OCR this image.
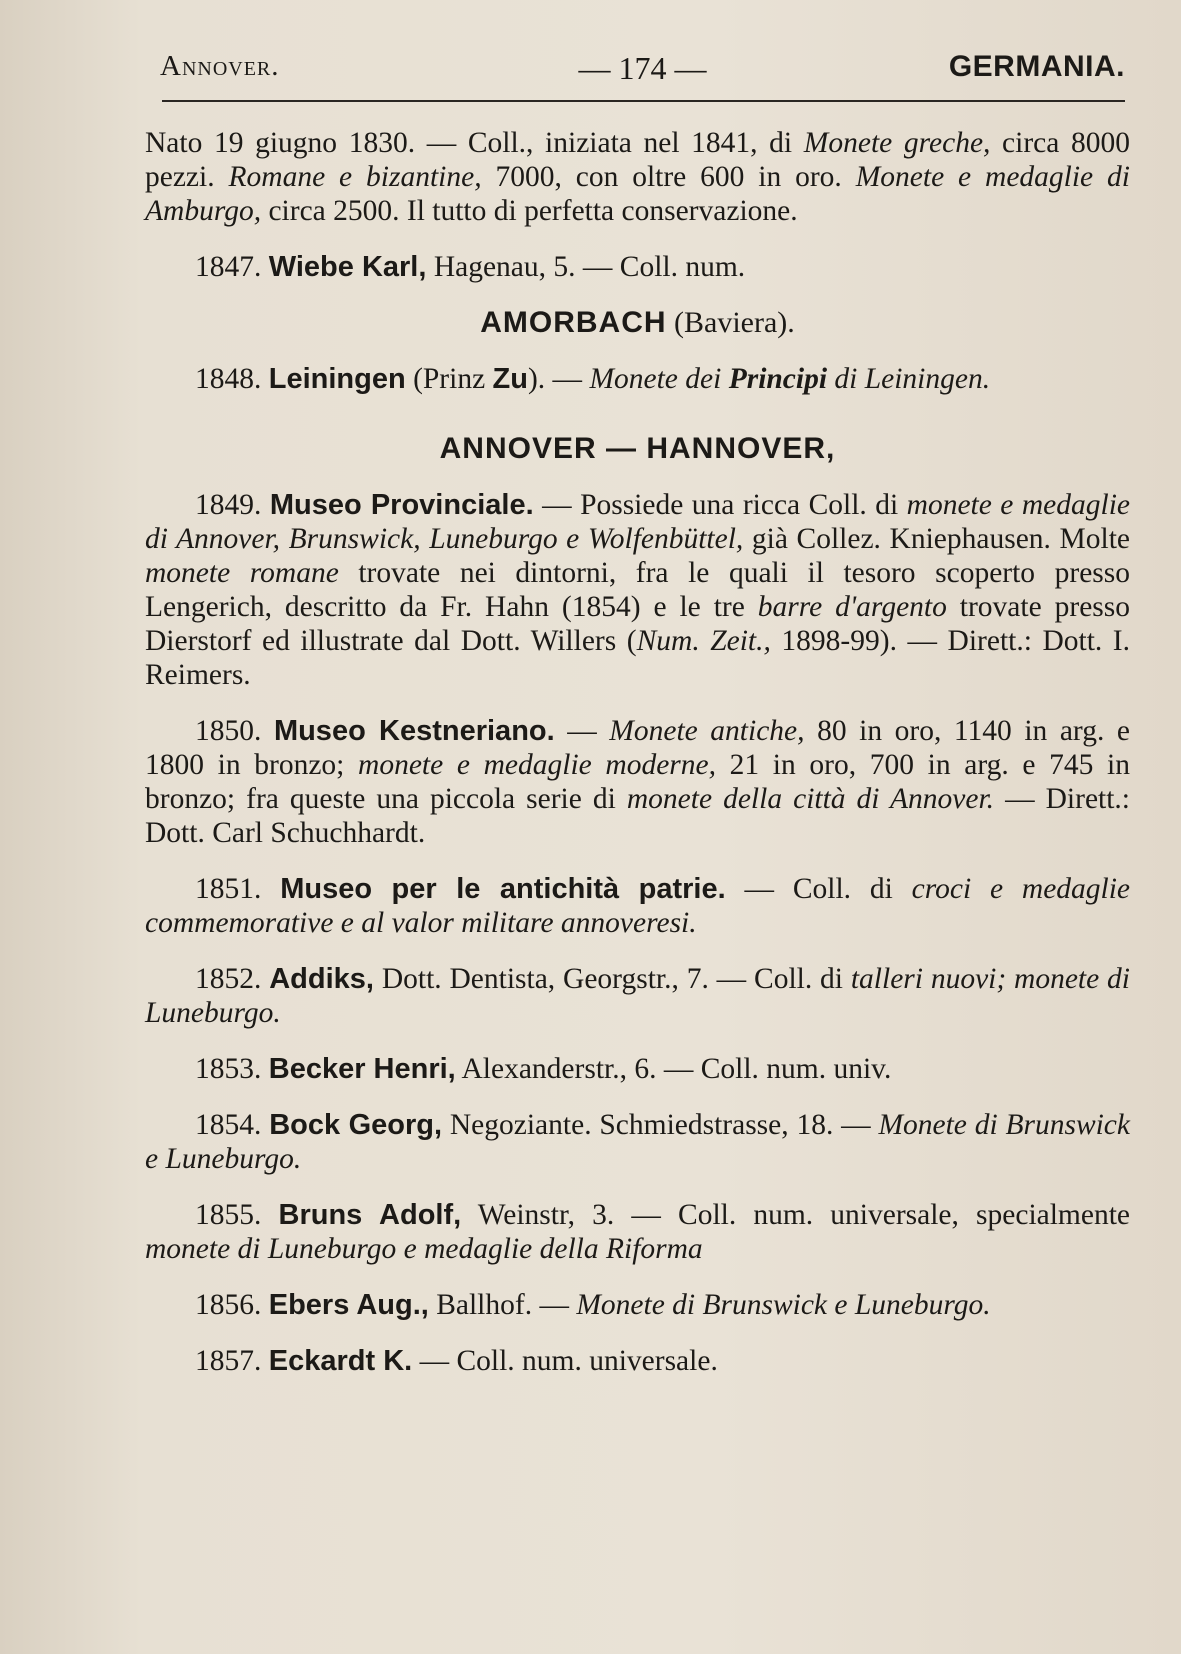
Annover.	— 174 —	GERMANIA.

Nato 19 giugno 1830. — Coll., iniziata nel 1841, di Monete greche, circa 8000 pezzi. Romane e bizantine, 7000, con oltre 600 in oro. Monete e medaglie di Amburgo, circa 2500. Il tutto di perfetta conservazione.

1847. Wiebe Karl, Hagenau, 5. — Coll. num.

AMORBACH (Baviera).

1848. Leiningen (Prinz Zu). — Monete dei Principi di Leiningen.

ANNOVER — HANNOVER,

1849. Museo Provinciale. — Possiede una ricca Coll. di monete e medaglie di Annover, Brunswick, Luneburgo e Wolfenbüttel, già Collez. Kniephausen. Molte monete romane trovate nei dintorni, fra le quali il tesoro scoperto presso Lengerich, descritto da Fr. Hahn (1854) e le tre barre d'argento trovate presso Dierstorf ed illustrate dal Dott. Willers (Num. Zeit., 1898-99). — Dirett.: Dott. I. Reimers.

1850. Museo Kestneriano. — Monete antiche, 80 in oro, 1140 in arg. e 1800 in bronzo; monete e medaglie moderne, 21 in oro, 700 in arg. e 745 in bronzo; fra queste una piccola serie di monete della città di Annover. — Dirett.: Dott. Carl Schuchhardt.

1851. Museo per le antichità patrie. — Coll. di croci e medaglie commemorative e al valor militare annoveresi.

1852. Addiks, Dott. Dentista, Georgstr., 7. — Coll. di talleri nuovi; monete di Luneburgo.

1853. Becker Henri, Alexanderstr., 6. — Coll. num. univ.

1854. Bock Georg, Negoziante. Schmiedstrasse, 18. — Monete di Brunswick e Luneburgo.

1855. Bruns Adolf, Weinstr, 3. — Coll. num. universale, specialmente monete di Luneburgo e medaglie della Riforma

1856. Ebers Aug., Ballhof. — Monete di Brunswick e Luneburgo.

1857. Eckardt K. — Coll. num. universale.
